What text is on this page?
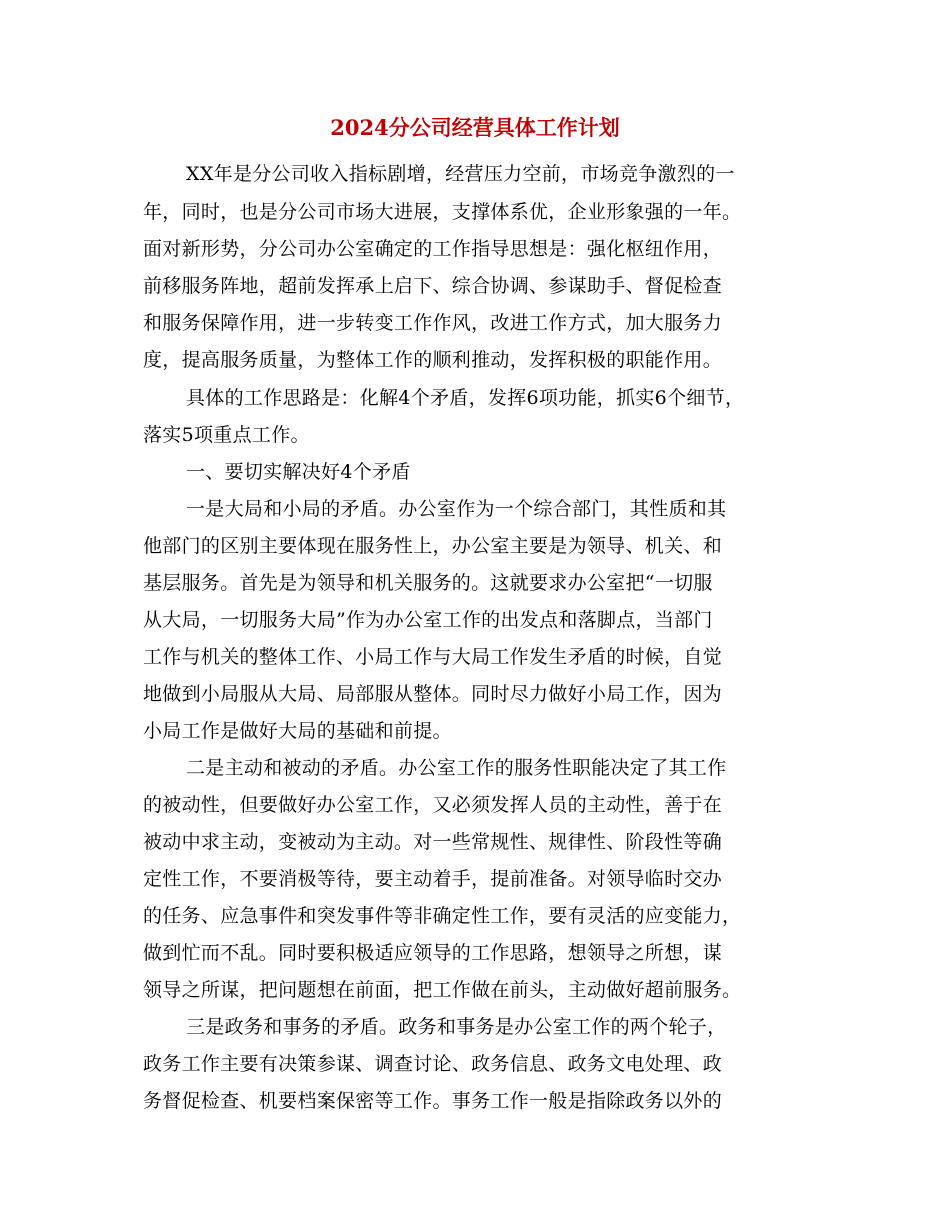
2024分公司经营具体工作计划
XX年是分公司收入指标剧增，经营压力空前，市场竞争激烈的一
年，同时，也是分公司市场大进展，支撑体系优，企业形象强的一年。
面对新形势，分公司办公室确定的工作指导思想是：强化枢纽作用，
前移服务阵地，超前发挥承上启下、综合协调、参谋助手、督促检查
和服务保障作用，进一步转变工作作风，改进工作方式，加大服务力
度，提高服务质量，为整体工作的顺利推动，发挥积极的职能作用。
具体的工作思路是：化解4个矛盾，发挥6项功能，抓实6个细节，
落实5项重点工作。
一、要切实解决好4个矛盾
一是大局和小局的矛盾。办公室作为一个综合部门，其性质和其
他部门的区别主要体现在服务性上，办公室主要是为领导、机关、和
基层服务。首先是为领导和机关服务的。这就要求办公室把“一切服
从大局，一切服务大局”作为办公室工作的出发点和落脚点，当部门
工作与机关的整体工作、小局工作与大局工作发生矛盾的时候，自觉
地做到小局服从大局、局部服从整体。同时尽力做好小局工作，因为
小局工作是做好大局的基础和前提。
二是主动和被动的矛盾。办公室工作的服务性职能决定了其工作
的被动性，但要做好办公室工作，又必须发挥人员的主动性，善于在
被动中求主动，变被动为主动。对一些常规性、规律性、阶段性等确
定性工作，不要消极等待，要主动着手，提前准备。对领导临时交办
的任务、应急事件和突发事件等非确定性工作，要有灵活的应变能力，
做到忙而不乱。同时要积极适应领导的工作思路，想领导之所想，谋
领导之所谋，把问题想在前面，把工作做在前头，主动做好超前服务。
三是政务和事务的矛盾。政务和事务是办公室工作的两个轮子，
政务工作主要有决策参谋、调查讨论、政务信息、政务文电处理、政
务督促检查、机要档案保密等工作。事务工作一般是指除政务以外的
